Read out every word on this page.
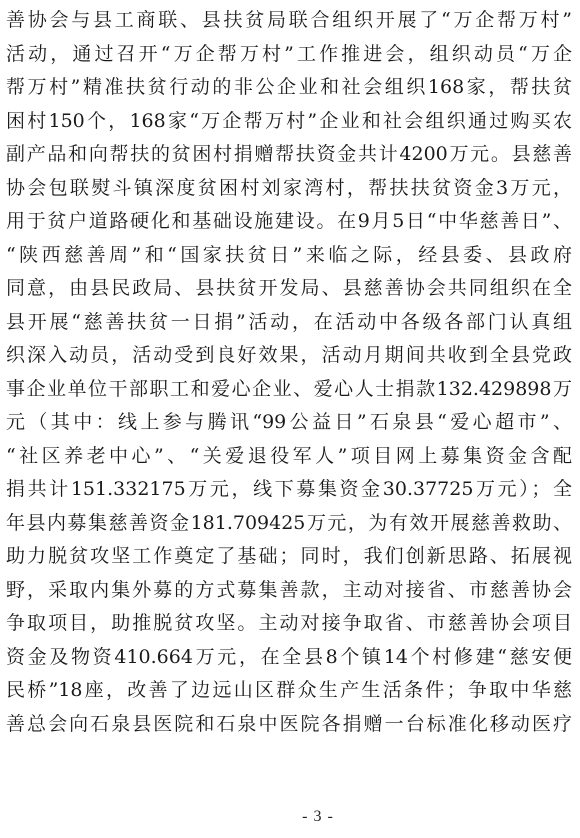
善协会与县工商联、县扶贫局联合组织开展了“万企帮万村”
活动，通过召开“万企帮万村”工作推进会，组织动员“万企
帮万村”精准扶贫行动的非公企业和社会组织168家，帮扶贫
困村150个，168家“万企帮万村”企业和社会组织通过购买农
副产品和向帮扶的贫困村捐赠帮扶资金共计4200万元。县慈善
协会包联熨斗镇深度贫困村刘家湾村，帮扶扶贫资金3万元，
用于贫户道路硬化和基础设施建设。在9月5日“中华慈善日”、
“陕西慈善周”和“国家扶贫日”来临之际，经县委、县政府
同意，由县民政局、县扶贫开发局、县慈善协会共同组织在全
县开展“慈善扶贫一日捐”活动，在活动中各级各部门认真组
织深入动员，活动受到良好效果，活动月期间共收到全县党政
事企业单位干部职工和爱心企业、爱心人士捐款132.429898万
元（其中：线上参与腾讯“99公益日”石泉县“爱心超市”、
“社区养老中心”、“关爱退役军人”项目网上募集资金含配
捐共计151.332175万元，线下募集资金30.37725万元）；全
年县内募集慈善资金181.709425万元，为有效开展慈善救助、
助力脱贫攻坚工作奠定了基础；同时，我们创新思路、拓展视
野，采取内集外募的方式募集善款，主动对接省、市慈善协会
争取项目，助推脱贫攻坚。主动对接争取省、市慈善协会项目
资金及物资410.664万元，在全县8个镇14个村修建“慈安便
民桥”18座，改善了边远山区群众生产生活条件；争取中华慈
善总会向石泉县医院和石泉中医院各捐赠一台标准化移动医疗
- 3 -
